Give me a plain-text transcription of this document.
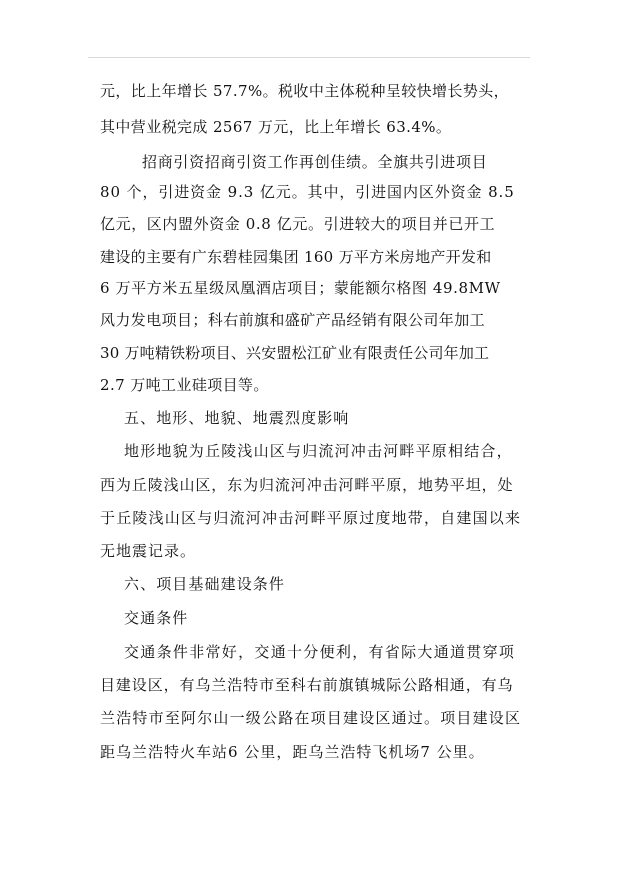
元，比上年增长 57.7%。税收中主体税种呈较快增长势头，
其中营业税完成 2567 万元，比上年增长 63.4%。
招商引资招商引资工作再创佳绩。全旗共引进项目
80 个，引进资金 9.3 亿元。其中，引进国内区外资金 8.5
亿元，区内盟外资金 0.8 亿元。引进较大的项目并已开工
建设的主要有广东碧桂园集团 160 万平方米房地产开发和
6 万平方米五星级凤凰酒店项目；蒙能额尔格图 49.8MW
风力发电项目；科右前旗和盛矿产品经销有限公司年加工
30 万吨精铁粉项目、兴安盟松江矿业有限责任公司年加工
2.7 万吨工业硅项目等。
五、地形、地貌、地震烈度影响
地形地貌为丘陵浅山区与归流河冲击河畔平原相结合，
西为丘陵浅山区，东为归流河冲击河畔平原，地势平坦，处
于丘陵浅山区与归流河冲击河畔平原过度地带，自建国以来
无地震记录。
六、项目基础建设条件
交通条件
交通条件非常好，交通十分便利，有省际大通道贯穿项
目建设区，有乌兰浩特市至科右前旗镇城际公路相通，有乌
兰浩特市至阿尔山一级公路在项目建设区通过。项目建设区
距乌兰浩特火车站6 公里，距乌兰浩特飞机场7 公里。
